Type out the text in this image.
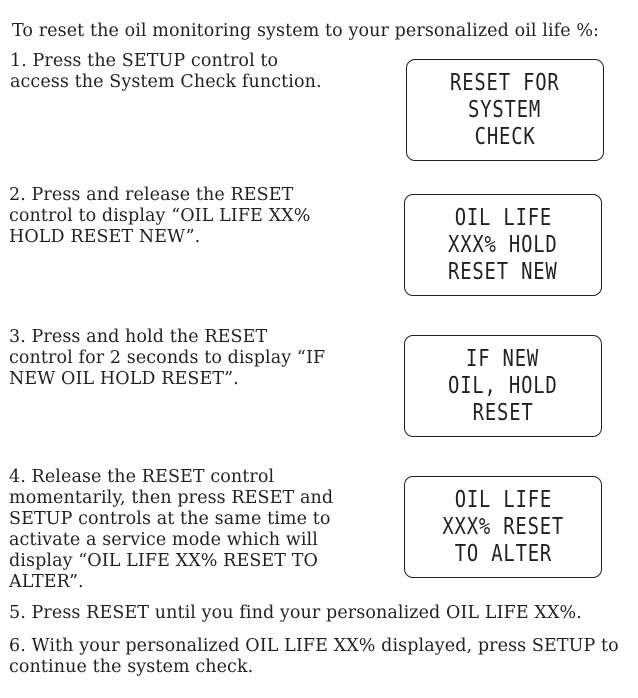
To reset the oil monitoring system to your personalized oil life %:
1. Press the SETUP control to
access the System Check function.	RESET FOR
SYSTEM
CHECK
2. Press and release the RESET
control to display “OIL LIFE XX%
HOLD RESET NEW”.
OIL LIFE
XXX% HOLD
RESET NEW
3. Press and hold the RESET
control for 2 seconds to display “IF
NEW OIL HOLD RESET”.
IF NEW
OIL, HOLD
RESET
4. Release the RESET control
momentarily, then press RESET and
SETUP controls at the same time to
activate a service mode which will
display “OIL LIFE XX% RESET TO
ALTER”.
OIL LIFE
XXX% RESET
TO ALTER
5. Press RESET until you find your personalized OIL LIFE XX%.
6. With your personalized OIL LIFE XX% displayed, press SETUP to
continue the system check.
